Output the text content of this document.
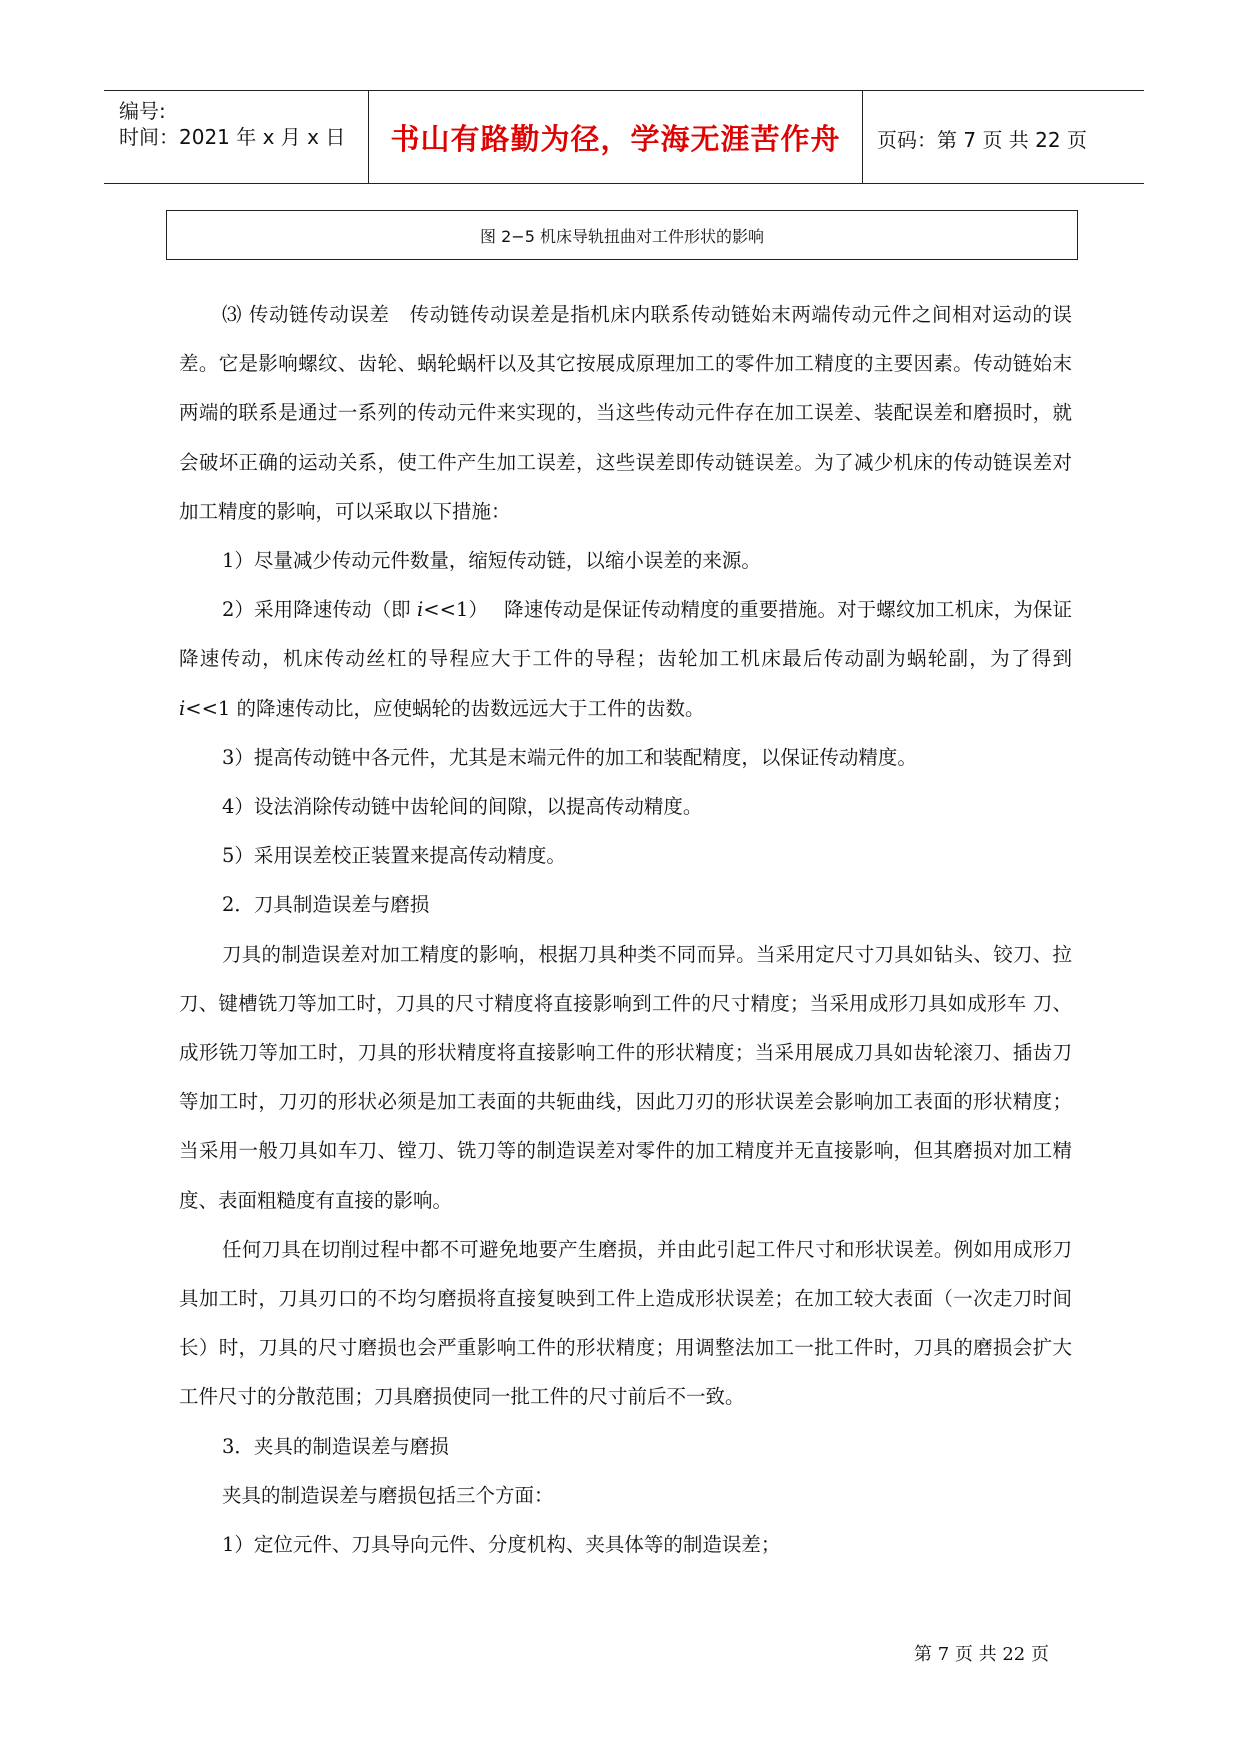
编号:
时间：2021 年 x 月 x 日	书山有路勤为径，学海无涯苦作舟	页码：第 7 页 共 22 页
图 2−5 机床导轨扭曲对工件形状的影响

⑶ 传动链传动误差　传动链传动误差是指机床内联系传动链始末两端传动元件之间相对运动的误差。它是影响螺纹、齿轮、蜗轮蜗杆以及其它按展成原理加工的零件加工精度的主要因素。传动链始末两端的联系是通过一系列的传动元件来实现的，当这些传动元件存在加工误差、装配误差和磨损时，就会破坏正确的运动关系，使工件产生加工误差，这些误差即传动链误差。为了减少机床的传动链误差对加工精度的影响，可以采取以下措施：

1）尽量减少传动元件数量，缩短传动链，以缩小误差的来源。

2）采用降速传动（即 i<<1）　 降速传动是保证传动精度的重要措施。对于螺纹加工机床，为保证降速传动，机床传动丝杠的导程应大于工件的导程；齿轮加工机床最后传动副为蜗轮副，为了得到 i<<1 的降速传动比，应使蜗轮的齿数远远大于工件的齿数。

3）提高传动链中各元件，尤其是末端元件的加工和装配精度，以保证传动精度。

4）设法消除传动链中齿轮间的间隙，以提高传动精度。

5）采用误差校正装置来提高传动精度。

2．刀具制造误差与磨损

刀具的制造误差对加工精度的影响，根据刀具种类不同而异。当采用定尺寸刀具如钻头、铰刀、拉刀、键槽铣刀等加工时，刀具的尺寸精度将直接影响到工件的尺寸精度；当采用成形刀具如成形车 刀、成形铣刀等加工时，刀具的形状精度将直接影响工件的形状精度；当采用展成刀具如齿轮滚刀、插齿刀等加工时，刀刃的形状必须是加工表面的共轭曲线，因此刀刃的形状误差会影响加工表面的形状精度；当采用一般刀具如车刀、镗刀、铣刀等的制造误差对零件的加工精度并无直接影响，但其磨损对加工精度、表面粗糙度有直接的影响。

任何刀具在切削过程中都不可避免地要产生磨损，并由此引起工件尺寸和形状误差。例如用成形刀具加工时，刀具刃口的不均匀磨损将直接复映到工件上造成形状误差；在加工较大表面（一次走刀时间长）时，刀具的尺寸磨损也会严重影响工件的形状精度；用调整法加工一批工件时，刀具的磨损会扩大工件尺寸的分散范围；刀具磨损使同一批工件的尺寸前后不一致。

3．夹具的制造误差与磨损

夹具的制造误差与磨损包括三个方面：

1）定位元件、刀具导向元件、分度机构、夹具体等的制造误差；

第 7 页 共 22 页
